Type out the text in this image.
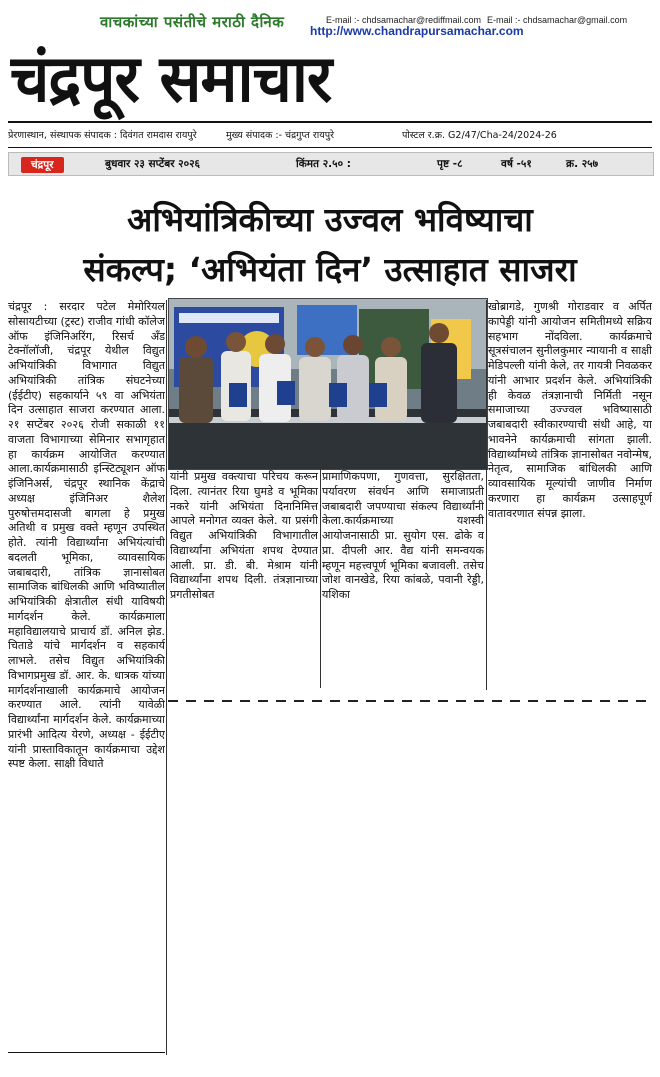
वाचकांच्या पसंतीचे मराठी दैनिक	E-mail :- chdsamachar@rediffmail.com E-mail :- chdsamachar@gmail.com
http://www.chandrapursamachar.com
चंद्रपूर समाचार
प्रेरणास्थान, संस्थापक संपादक : दिवंगत रामदास रायपुरे	मुख्य संपादक :- चंद्रगुप्त रायपुरे	पोस्टल र.क्र. G2/47/Cha-24/2024-26
चंद्रपूर	बुधवार २३ सप्टेंबर २०२६	किंमत २.५० :	पृष्ट -८	वर्ष -५१	क्र. २५७
अभियांत्रिकीच्या उज्वल भविष्याचा
संकल्प; ‘अभियंता दिन’ उत्साहात साजरा

चंद्रपूर : सरदार पटेल मेमोरियल सोसायटीच्या (ट्रस्ट) राजीव गांधी कॉलेज ऑफ इंजिनिअरिंग, रिसर्च अँड टेक्नॉलॉजी, चंद्रपूर येथील विद्युत अभियांत्रिकी विभागात विद्युत अभियांत्रिकी तांत्रिक संघटनेच्या (ईईटीए) सहकार्याने ५९ वा अभियंता दिन उत्साहात साजरा करण्यात आला. २१ सप्टेंबर २०२६ रोजी सकाळी ११ वाजता विभागाच्या सेमिनार सभागृहात हा कार्यक्रम आयोजित करण्यात आला.कार्यक्रमासाठी इन्स्टिट्यूशन ऑफ इंजिनिअर्स, चंद्रपूर स्थानिक केंद्राचे अध्यक्ष इंजिनिअर शैलेश पुरुषोत्तमदासजी बागला हे प्रमुख अतिथी व प्रमुख वक्ते म्हणून उपस्थित होते. त्यांनी विद्यार्थ्यांना अभियंत्यांची बदलती भूमिका, व्यावसायिक जबाबदारी, तांत्रिक ज्ञानासोबत सामाजिक बांधिलकी आणि भविष्यातील अभियांत्रिकी क्षेत्रातील संधी याविषयी मार्गदर्शन केले. कार्यक्रमाला महाविद्यालयाचे प्राचार्य डॉ. अनिल झेड. चिताडे यांचे मार्गदर्शन व सहकार्य लाभले. तसेच विद्युत अभियांत्रिकी विभागप्रमुख डॉ. आर. के. धात्रक यांच्या मार्गदर्शनाखाली कार्यक्रमाचे आयोजन करण्यात आले. त्यांनी यावेळी विद्यार्थ्यांना मार्गदर्शन केले. कार्यक्रमाच्या प्रारंभी आदित्य येरणे, अध्यक्ष - ईईटीए यांनी प्रास्ताविकातून कार्यक्रमाचा उद्देश स्पष्ट केला. साक्षी विधाते

यांनी प्रमुख वक्त्याचा परिचय करून दिला. त्यानंतर रिया घुमडे व भूमिका नकरे यांनी अभियंता दिनानिमित्त आपले मनोगत व्यक्त केले. या प्रसंगी विद्युत अभियांत्रिकी विभागातील विद्यार्थ्यांना अभियंता शपथ देण्यात आली. प्रा. डी. बी. मेश्राम यांनी विद्यार्थ्यांना शपथ दिली. तंत्रज्ञानाच्या प्रगतीसोबत

प्रामाणिकपणा, गुणवत्ता, सुरक्षितता, पर्यावरण संवर्धन आणि समाजाप्रती जबाबदारी जपण्याचा संकल्प विद्यार्थ्यांनी केला.कार्यक्रमाच्या यशस्वी आयोजनासाठी प्रा. सुयोग एस. ढोके व प्रा. दीपली आर. वैद्य यांनी समन्वयक म्हणून महत्त्वपूर्ण भूमिका बजावली. तसेच जोश वानखेडे, रिया कांबळे, पवानी रेड्डी, यशिका

खोब्रागडे, गुणश्री गोराडवार व अर्पित कापेड्डी यांनी आयोजन समितीमध्ये सक्रिय सहभाग नोंदविला. कार्यक्रमाचे सूत्रसंचालन सुनीलकुमार न्यायानी व साक्षी मेडिपल्ली यांनी केले, तर गायत्री निवळकर यांनी आभार प्रदर्शन केले. अभियांत्रिकी ही केवळ तंत्रज्ञानाची निर्मिती नसून समाजाच्या उज्ज्वल भविष्यासाठी जबाबदारी स्वीकारण्याची संधी आहे, या भावनेने कार्यक्रमाची सांगता झाली. विद्यार्थ्यांमध्ये तांत्रिक ज्ञानासोबत नवोन्मेष, नेतृत्व, सामाजिक बांधिलकी आणि व्यावसायिक मूल्यांची जाणीव निर्माण करणारा हा कार्यक्रम उत्साहपूर्ण वातावरणात संपन्न झाला.
